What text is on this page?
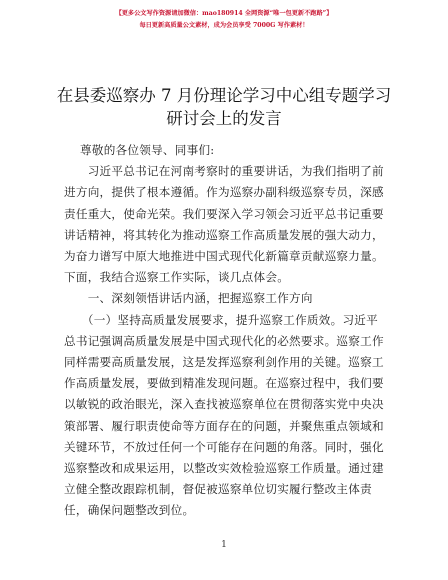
【更多公文写作资源请加微信：mao180914 全网资源“唯一包更新不跑路”】
每日更新高质量公文素材，成为会员享受 7000G 写作素材！
在县委巡察办 7 月份理论学习中心组专题学习
研讨会上的发言
尊敬的各位领导、同事们:
　　习近平总书记在河南考察时的重要讲话，为我们指明了前
进方向，提供了根本遵循。作为巡察办副科级巡察专员，深感
责任重大，使命光荣。我们要深入学习领会习近平总书记重要
讲话精神，将其转化为推动巡察工作高质量发展的强大动力，
为奋力谱写中原大地推进中国式现代化新篇章贡献巡察力量。
下面，我结合巡察工作实际，谈几点体会。
　　一、深刻领悟讲话内涵，把握巡察工作方向
　　（一）坚持高质量发展要求，提升巡察工作质效。习近平
总书记强调高质量发展是中国式现代化的必然要求。巡察工作
同样需要高质量发展，这是发挥巡察利剑作用的关键。巡察工
作高质量发展，要做到精准发现问题。在巡察过程中，我们要
以敏锐的政治眼光，深入查找被巡察单位在贯彻落实党中央决
策部署、履行职责使命等方面存在的问题，并聚焦重点领域和
关键环节，不放过任何一个可能存在问题的角落。同时，强化
巡察整改和成果运用，以整改实效检验巡察工作质量。通过建
立健全整改跟踪机制，督促被巡察单位切实履行整改主体责
任，确保问题整改到位。
1
